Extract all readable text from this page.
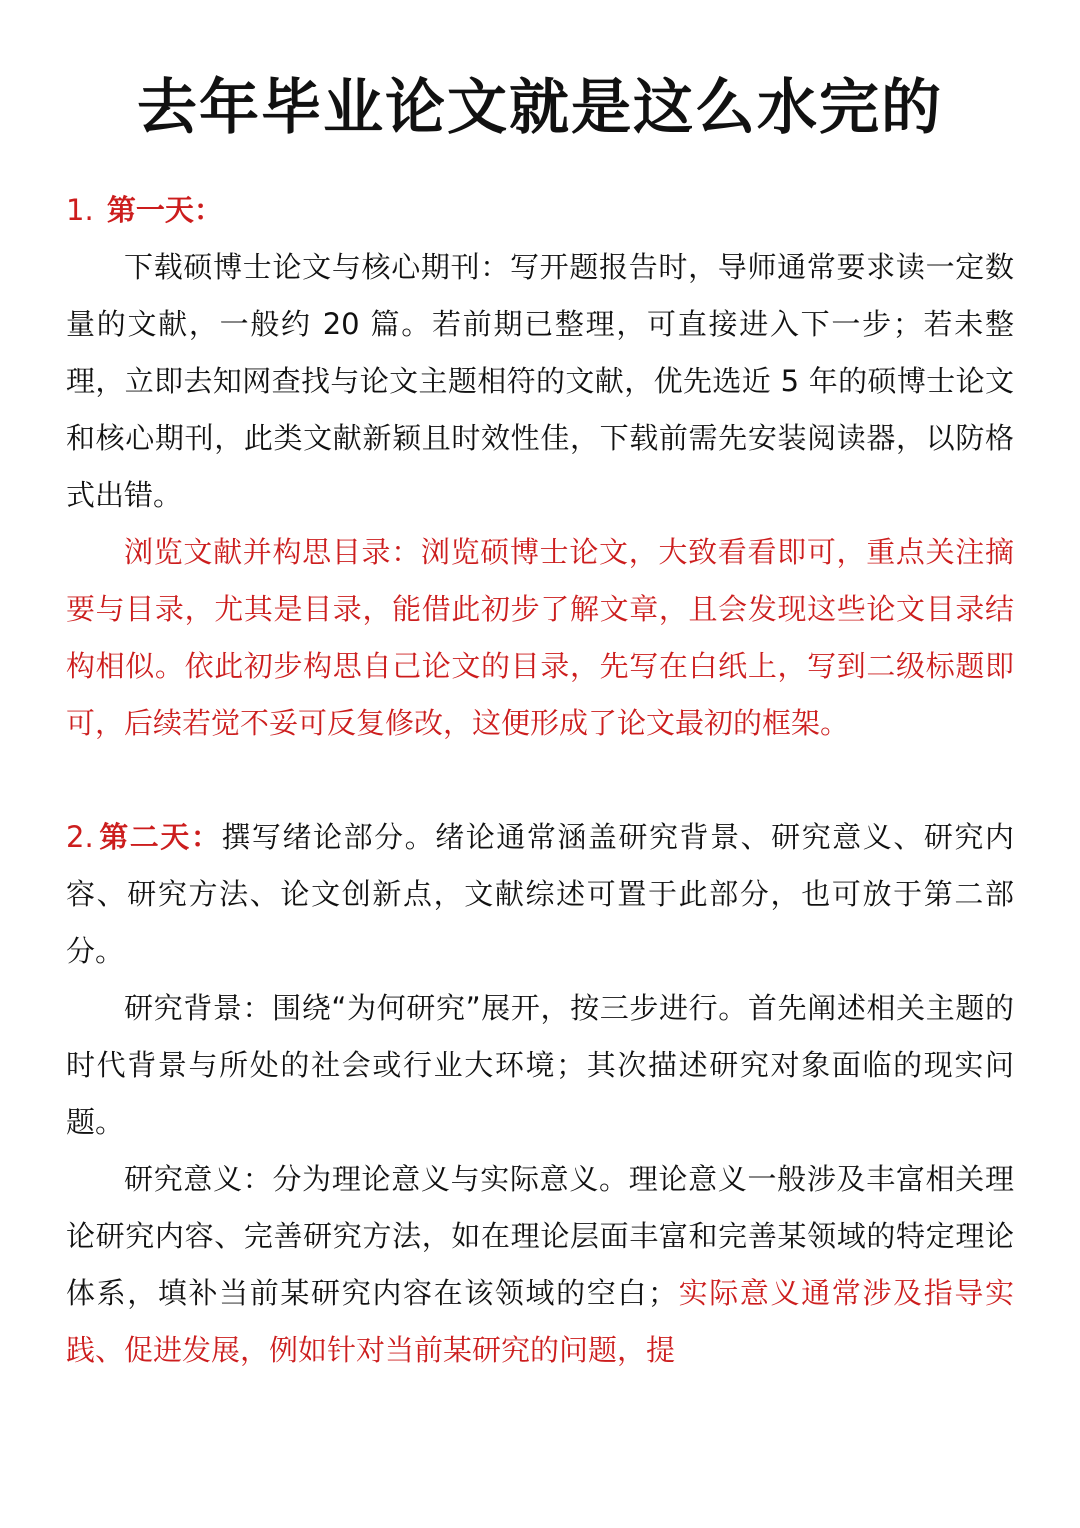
去年毕业论文就是这么水完的
1. 第一天：

下载硕博士论文与核心期刊：写开题报告时，导师通常要求读一定数量的文献，一般约 20 篇。若前期已整理，可直接进入下一步；若未整理，立即去知网查找与论文主题相符的文献，优先选近 5 年的硕博士论文和核心期刊，此类文献新颖且时效性佳，下载前需先安装阅读器，以防格式出错。

浏览文献并构思目录：浏览硕博士论文，大致看看即可，重点关注摘要与目录，尤其是目录，能借此初步了解文章，且会发现这些论文目录结构相似。依此初步构思自己论文的目录，先写在白纸上，写到二级标题即可，后续若觉不妥可反复修改，这便形成了论文最初的框架。

2. 第二天：撰写绪论部分。绪论通常涵盖研究背景、研究意义、研究内容、研究方法、论文创新点，文献综述可置于此部分，也可放于第二部分。

研究背景：围绕“为何研究”展开，按三步进行。首先阐述相关主题的时代背景与所处的社会或行业大环境；其次描述研究对象面临的现实问题。

研究意义：分为理论意义与实际意义。理论意义一般涉及丰富相关理论研究内容、完善研究方法，如在理论层面丰富和完善某领域的特定理论体系，填补当前某研究内容在该领域的空白；实际意义通常涉及指导实践、促进发展，例如针对当前某研究的问题，提
